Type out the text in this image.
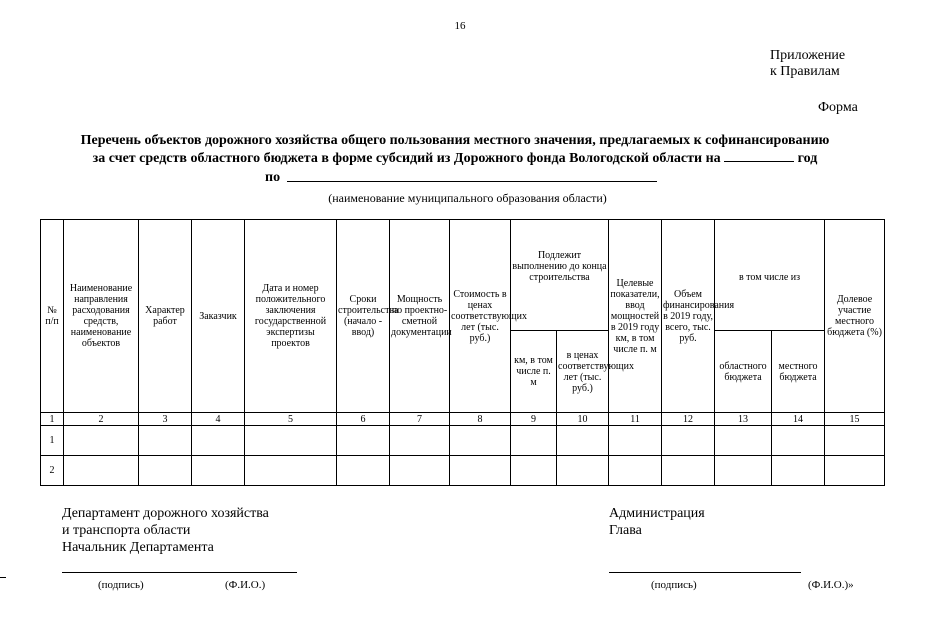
16
Приложение
к Правилам
Форма
Перечень объектов дорожного хозяйства общего пользования местного значения, предлагаемых к софинансированию
за счет средств областного бюджета в форме субсидий из Дорожного фонда Вологодской области на	год
по
(наименование муниципального образования области)
№ п/п	Наименование направления расходования средств, наименование объектов	Характер работ	Заказчик	Дата и номер положительного заключения государственной экспертизы проектов	Сроки строительства (начало - ввод)	Мощность по проектно-сметной документации	Стоимость в ценах соответствующих лет (тыс. руб.)	Подлежит выполнению до конца строительства		Целевые показатели, ввод мощностей в 2019 году км, в том числе п. м	Объем финансирования в 2019 году, всего, тыс. руб.	в том числе из		Долевое участие местного бюджета (%)
								км, в том числе п. м	в ценах соответствующих лет (тыс. руб.)			областного бюджета	местного бюджета	
1	2	3	4	5	6	7	8	9	10	11	12	13	14	15
1														
2														
Департамент дорожного хозяйства
и транспорта области
Начальник Департамента
(подпись)	(Ф.И.О.)
Администрация
Глава
(подпись)	(Ф.И.О.)»
